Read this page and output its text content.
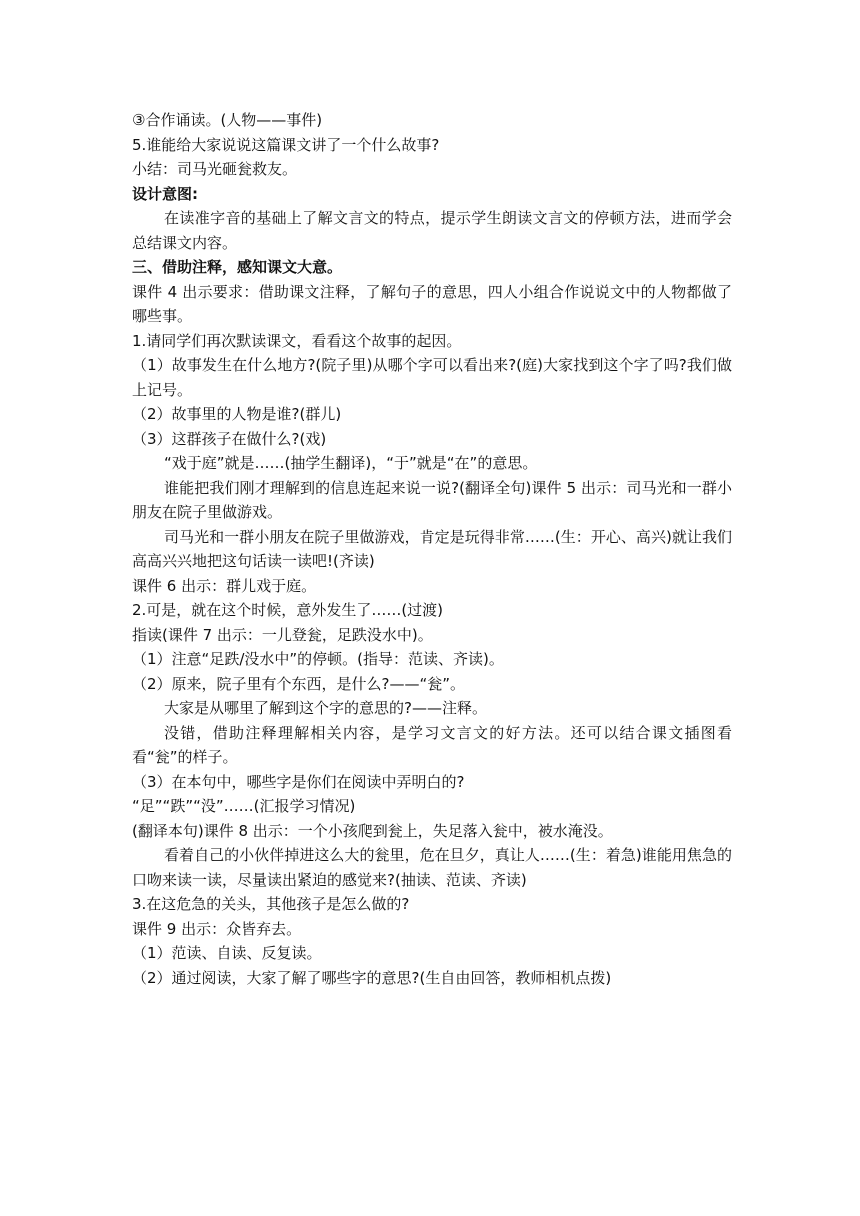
③合作诵读。(人物——事件)

5.谁能给大家说说这篇课文讲了一个什么故事?

小结：司马光砸瓮救友。

设计意图:

在读准字音的基础上了解文言文的特点，提示学生朗读文言文的停顿方法，进而学会总结课文内容。

三、借助注释，感知课文大意。

课件 4 出示要求：借助课文注释，了解句子的意思，四人小组合作说说文中的人物都做了哪些事。

1.请同学们再次默读课文，看看这个故事的起因。

（1）故事发生在什么地方?(院子里)从哪个字可以看出来?(庭)大家找到这个字了吗?我们做上记号。

（2）故事里的人物是谁?(群儿)

（3）这群孩子在做什么?(戏)

“戏于庭”就是……(抽学生翻译)，“于”就是“在”的意思。

谁能把我们刚才理解到的信息连起来说一说?(翻译全句)课件 5 出示：司马光和一群小朋友在院子里做游戏。

司马光和一群小朋友在院子里做游戏，肯定是玩得非常……(生：开心、高兴)就让我们高高兴兴地把这句话读一读吧!(齐读)

课件 6 出示：群儿戏于庭。

2.可是，就在这个时候，意外发生了……(过渡)

指读(课件 7 出示：一儿登瓮，足跌没水中)。

（1）注意“足跌/没水中”的停顿。(指导：范读、齐读)。

（2）原来，院子里有个东西，是什么?——“瓮”。

大家是从哪里了解到这个字的意思的?——注释。

没错，借助注释理解相关内容，是学习文言文的好方法。还可以结合课文插图看看“瓮”的样子。

（3）在本句中，哪些字是你们在阅读中弄明白的?

“足”“跌”“没”……(汇报学习情况)

(翻译本句)课件 8 出示：一个小孩爬到瓮上，失足落入瓮中，被水淹没。

看着自己的小伙伴掉进这么大的瓮里，危在旦夕，真让人……(生：着急)谁能用焦急的口吻来读一读，尽量读出紧迫的感觉来?(抽读、范读、齐读)

3.在这危急的关头，其他孩子是怎么做的?

课件 9 出示：众皆弃去。

（1）范读、自读、反复读。

（2）通过阅读，大家了解了哪些字的意思?(生自由回答，教师相机点拨)
